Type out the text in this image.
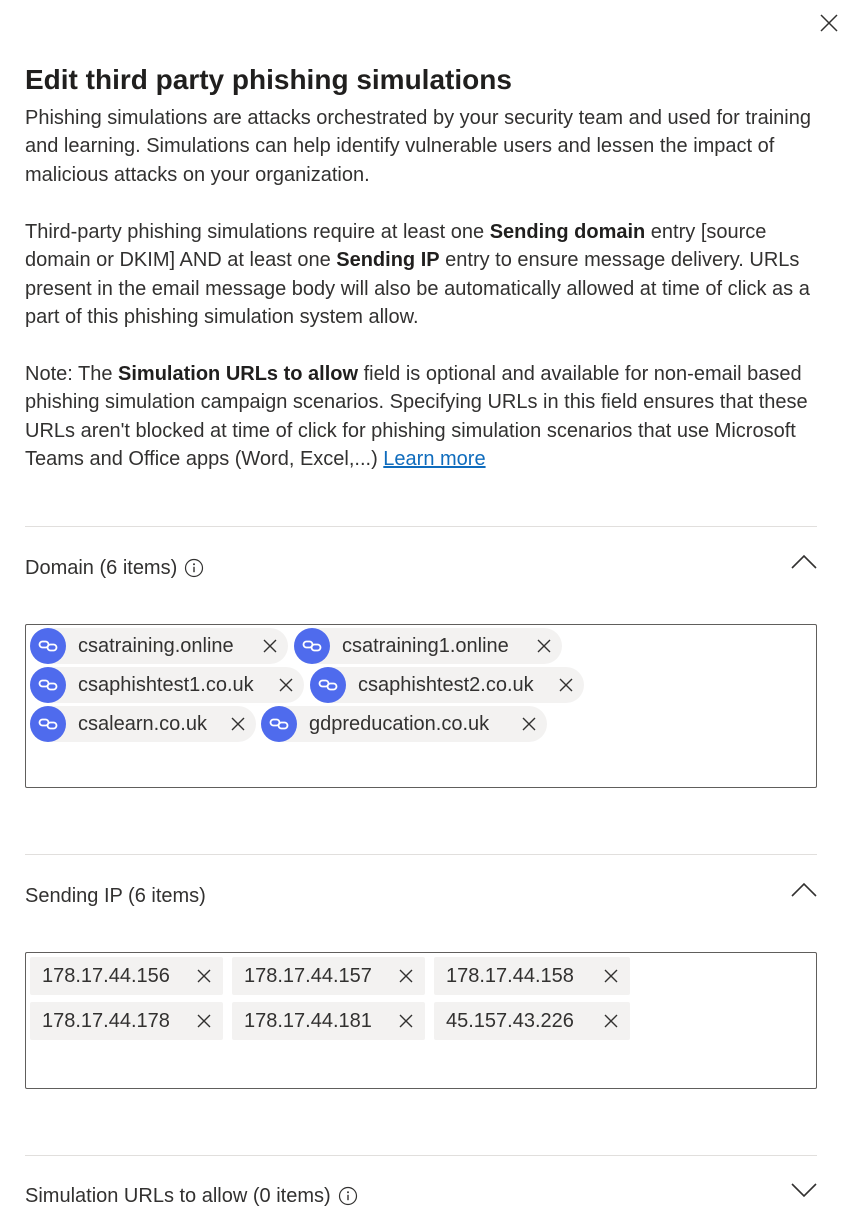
Edit third party phishing simulations

Phishing simulations are attacks orchestrated by your security team and used for training and learning. Simulations can help identify vulnerable users and lessen the impact of malicious attacks on your organization.

Third-party phishing simulations require at least one Sending domain entry [source domain or DKIM] AND at least one Sending IP entry to ensure message delivery. URLs present in the email message body will also be automatically allowed at time of click as a part of this phishing simulation system allow.

Note: The Simulation URLs to allow field is optional and available for non-email based phishing simulation campaign scenarios. Specifying URLs in this field ensures that these URLs aren't blocked at time of click for phishing simulation scenarios that use Microsoft Teams and Office apps (Word, Excel,...) Learn more

Domain (6 items)
csatraining.online	csatraining1.online
csaphishtest1.co.uk	csaphishtest2.co.uk
csalearn.co.uk	gdpreducation.co.uk
Sending IP (6 items)
178.17.44.156	178.17.44.157	178.17.44.158
178.17.44.178	178.17.44.181	45.157.43.226
Simulation URLs to allow (0 items)
